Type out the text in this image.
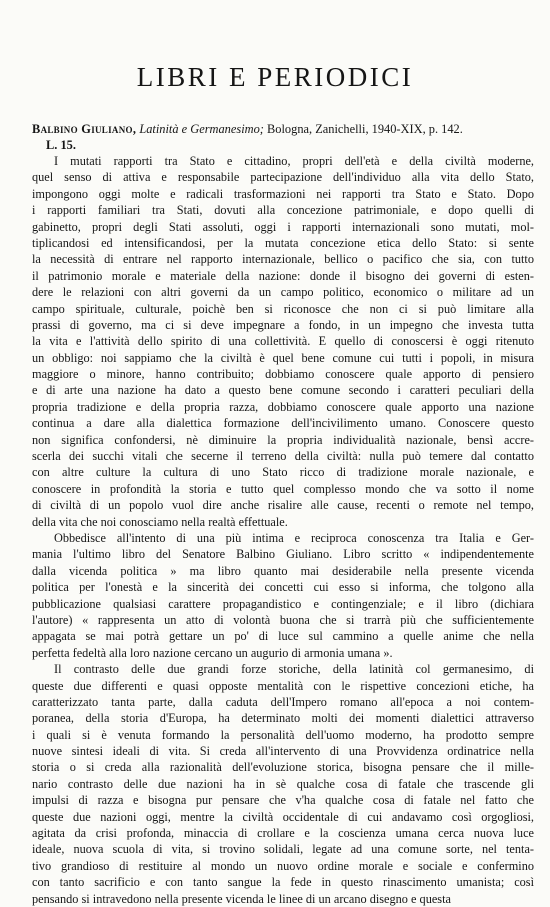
LIBRI E PERIODICI

Balbino Giuliano, Latinità e Germanesimo; Bologna, Zanichelli, 1940-XIX, p. 142.
L. 15.

I mutati rapporti tra Stato e cittadino, propri dell'età e della civiltà moderne,
quel senso di attiva e responsabile partecipazione dell'individuo alla vita dello Stato,
impongono oggi molte e radicali trasformazioni nei rapporti tra Stato e Stato. Dopo
i rapporti familiari tra Stati, dovuti alla concezione patrimoniale, e dopo quelli di
gabinetto, propri degli Stati assoluti, oggi i rapporti internazionali sono mutati, mol-
tiplicandosi ed intensificandosi, per la mutata concezione etica dello Stato: si sente
la necessità di entrare nel rapporto internazionale, bellico o pacifico che sia, con tutto
il patrimonio morale e materiale della nazione: donde il bisogno dei governi di esten-
dere le relazioni con altri governi da un campo politico, economico o militare ad un
campo spirituale, culturale, poichè ben si riconosce che non ci si può limitare alla
prassi di governo, ma ci si deve impegnare a fondo, in un impegno che investa tutta
la vita e l'attività dello spirito di una collettività. E quello di conoscersi è oggi ritenuto
un obbligo: noi sappiamo che la civiltà è quel bene comune cui tutti i popoli, in misura
maggiore o minore, hanno contribuito; dobbiamo conoscere quale apporto di pensiero
e di arte una nazione ha dato a questo bene comune secondo i caratteri peculiari della
propria tradizione e della propria razza, dobbiamo conoscere quale apporto una nazione
continua a dare alla dialettica formazione dell'incivilimento umano. Conoscere questo
non significa confondersi, nè diminuire la propria individualità nazionale, bensì accre-
scerla dei succhi vitali che secerne il terreno della civiltà: nulla può temere dal contatto
con altre culture la cultura di uno Stato ricco di tradizione morale nazionale, e
conoscere in profondità la storia e tutto quel complesso mondo che va sotto il nome
di civiltà di un popolo vuol dire anche risalire alle cause, recenti o remote nel tempo,
della vita che noi conosciamo nella realtà effettuale.
Obbedisce all'intento di una più intima e reciproca conoscenza tra Italia e Ger-
mania l'ultimo libro del Senatore Balbino Giuliano. Libro scritto « indipendentemente
dalla vicenda politica » ma libro quanto mai desiderabile nella presente vicenda
politica per l'onestà e la sincerità dei concetti cui esso si informa, che tolgono alla
pubblicazione qualsiasi carattere propagandistico e contingenziale; e il libro (dichiara
l'autore) « rappresenta un atto di volontà buona che si trarrà più che sufficientemente
appagata se mai potrà gettare un po' di luce sul cammino a quelle anime che nella
perfetta fedeltà alla loro nazione cercano un augurio di armonia umana ».
Il contrasto delle due grandi forze storiche, della latinità col germanesimo, di
queste due differenti e quasi opposte mentalità con le rispettive concezioni etiche, ha
caratterizzato tanta parte, dalla caduta dell'Impero romano all'epoca a noi contem-
poranea, della storia d'Europa, ha determinato molti dei momenti dialettici attraverso
i quali si è venuta formando la personalità dell'uomo moderno, ha prodotto sempre
nuove sintesi ideali di vita. Si creda all'intervento di una Provvidenza ordinatrice nella
storia o si creda alla razionalità dell'evoluzione storica, bisogna pensare che il mille-
nario contrasto delle due nazioni ha in sè qualche cosa di fatale che trascende gli
impulsi di razza e bisogna pur pensare che v'ha qualche cosa di fatale nel fatto che
queste due nazioni oggi, mentre la civiltà occidentale di cui andavamo così orgogliosi,
agitata da crisi profonda, minaccia di crollare e la coscienza umana cerca nuova luce
ideale, nuova scuola di vita, si trovino solidali, legate ad una comune sorte, nel tenta-
tivo grandioso di restituire al mondo un nuovo ordine morale e sociale e confermino
con tanto sacrificio e con tanto sangue la fede in questo rinascimento umanista; così
pensando si intravedono nella presente vicenda le linee di un arcano disegno e questa
